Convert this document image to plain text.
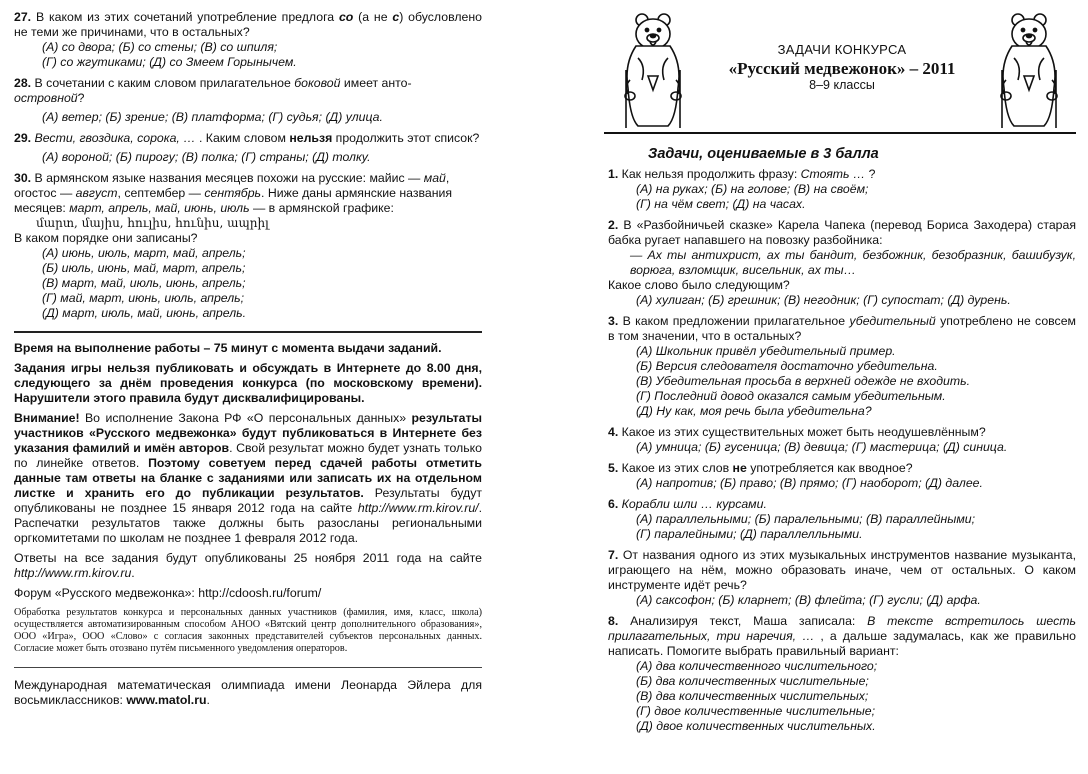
27. В каком из этих сочетаний употребление предлога со (а не с) обусловлено не теми же причинами, что в остальных?

(А) со двора; (Б) со стены; (В) со шпиля;

(Г) со жгутиками; (Д) со Змеем Горынычем.

28. В сочетании с каким словом прилагательное боковой имеет анто-
островной?

(А) ветер; (Б) зрение; (В) платформа; (Г) судья; (Д) улица.

29. Вести, гвоздика, сорока, … . Каким словом нельзя продолжить этот список?

(А) вороной; (Б) пирогу; (В) полка; (Г) страны; (Д) толку.

30. В армянском языке названия месяцев похожи на русские: майис — май,
огостос — август, септембер — сентябрь. Ниже даны армянские названия
месяцев: март, апрель, май, июнь, июль — в армянской графике:

մարտ, մայիս, հուլիս, հունիս, ապրիլ

В каком порядке они записаны?

(А) июнь, июль, март, май, апрель;

(Б) июль, июнь, май, март, апрель;

(В) март, май, июль, июнь, апрель;

(Г) май, март, июнь, июль, апрель;

(Д) март, июль, май, июнь, апрель.

Время на выполнение работы – 75 минут с момента выдачи заданий.

Задания игры нельзя публиковать и обсуждать в Интернете до 8.00 дня, следующего за днём проведения конкурса (по московскому времени). Нарушители этого правила будут дисквалифицированы.

Внимание! Во исполнение Закона РФ «О персональных данных» результаты участников «Русского медвежонка» будут публиковаться в Интернете без указания фамилий и имён авторов. Свой результат можно будет узнать только по линейке ответов. Поэтому советуем перед сдачей работы отметить данные там ответы на бланке с заданиями или записать их на отдельном листке и хранить его до публикации результатов. Результаты будут опубликованы не позднее 15 января 2012 года на сайте http://www.rm.kirov.ru/. Распечатки результатов также должны быть разосланы региональными оргкомитетами по школам не позднее 1 февраля 2012 года.

Ответы на все задания будут опубликованы 25 ноября 2011 года на сайте http://www.rm.kirov.ru.

Форум «Русского медвежонка»: http://cdoosh.ru/forum/

Обработка результатов конкурса и персональных данных участников (фамилия, имя, класс, школа) осуществляется автоматизированным способом АНОО «Вятский центр дополнительного образования», ООО «Игра», ООО «Слово» с согласия законных представителей субъектов персональных данных. Согласие может быть отозвано путём письменного уведомления операторов.

Международная математическая олимпиада имени Леонарда Эйлера для восьмиклассников: www.matol.ru.

ЗАДАЧИ КОНКУРСА
«Русский медвежонок» – 2011
8–9 классы

Задачи, оцениваемые в 3 балла

1. Как нельзя продолжить фразу: Стоять … ?

(А) на руках; (Б) на голове; (В) на своём;

(Г) на чём свет; (Д) на часах.

2. В «Разбойничьей сказке» Карела Чапека (перевод Бориса Заходера) старая бабка ругает напавшего на повозку разбойника:

— Ах ты антихрист, ах ты бандит, безбожник, безобразник, башибузук, ворюга, взломщик, висельник, ах ты…

Какое слово было следующим?

(А) хулиган; (Б) грешник; (В) негодник; (Г) супостат; (Д) дурень.

3. В каком предложении прилагательное убедительный употреблено не совсем в том значении, что в остальных?

(А) Школьник привёл убедительный пример.

(Б) Версия следователя достаточно убедительна.

(В) Убедительная просьба в верхней одежде не входить.

(Г) Последний довод оказался самым убедительным.

(Д) Ну как, моя речь была убедительна?

4. Какое из этих существительных может быть неодушевлённым?

(А) умница; (Б) гусеница; (В) девица; (Г) мастерица; (Д) синица.

5. Какое из этих слов не употребляется как вводное?

(А) напротив; (Б) право; (В) прямо; (Г) наоборот; (Д) далее.

6. Корабли шли … курсами.

(А) параллельными; (Б) паралельными; (В) параллейными;

(Г) паралейными; (Д) параллелльными.

7. От названия одного из этих музыкальных инструментов название музыканта, играющего на нём, можно образовать иначе, чем от остальных. О каком инструменте идёт речь?

(А) саксофон; (Б) кларнет; (В) флейта; (Г) гусли; (Д) арфа.

8. Анализируя текст, Маша записала: В тексте встретилось шесть прилагательных, три наречия, … , а дальше задумалась, как же правильно написать. Помогите выбрать правильный вариант:

(А) два количественного числительного;

(Б) два количественных числительные;

(В) два количественных числительных;

(Г) двое количественные числительные;

(Д) двое количественных числительных.
